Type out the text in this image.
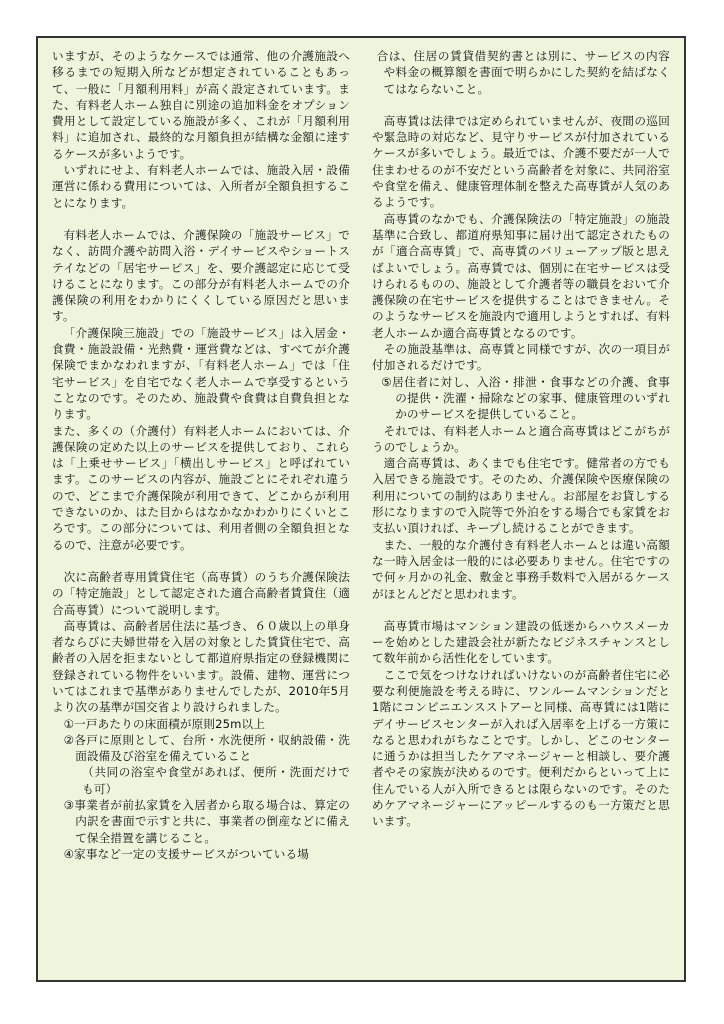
いますが、そのようなケースでは通常、他の介護施設へ移るまでの短期入所などが想定されていることもあって、一般に「月額利用料」が高く設定されています。また、有料老人ホーム独自に別途の追加料金をオプション費用として設定している施設が多く、これが「月額利用料」に追加され、最終的な月額負担が結構な金額に達するケースが多いようです。

いずれにせよ、有料老人ホームでは、施設入居・設備運営に係わる費用については、入所者が全額負担することになります。

有料老人ホームでは、介護保険の「施設サービス」でなく、訪問介護や訪問入浴・デイサービスやショートステイなどの「居宅サービス」を、要介護認定に応じて受けることになります。この部分が有料老人ホームでの介護保険の利用をわかりにくくしている原因だと思います。

「介護保険三施設」での「施設サービス」は入居金・食費・施設設備・光熱費・運営費などは、すべてが介護保険でまかなわれますが、「有料老人ホーム」では「住宅サービス」を自宅でなく老人ホームで享受するということなのです。そのため、施設費や食費は自費負担となります。

また、多くの（介護付）有料老人ホームにおいては、介護保険の定めた以上のサービスを提供しており、これらは「上乗せサービス」「横出しサービス」と呼ばれています。このサービスの内容が、施設ごとにそれぞれ違うので、どこまで介護保険が利用できて、どこからが利用できないのか、はた目からはなかなかわかりにくいところです。この部分については、利用者側の全額負担となるので、注意が必要です。

次に高齢者専用賃貸住宅（高専賃）のうち介護保険法の「特定施設」として認定された適合高齢者賃貸住（適合高専賃）について説明します。

高専賃は、高齢者居住法に基づき、６０歳以上の単身者ならびに夫婦世帯を入居の対象とした賃貸住宅で、高齢者の入居を拒まないとして都道府県指定の登録機関に登録されている物件をいいます。設備、建物、運営についてはこれまで基準がありませんでしたが、2010年5月より次の基準が国交省より設けられました。

①一戸あたりの床面積が原則25m以上

②各戸に原則として、台所・水洗便所・収納設備・洗面設備及び浴室を備えていること

（共同の浴室や食堂があれば、便所・洗面だけでも可）

③事業者が前払家賃を入居者から取る場合は、算定の内訳を書面で示すと共に、事業者の倒産などに備えて保全措置を講じること。

④家事など一定の支援サービスがついている場

合は、住居の賃貸借契約書とは別に、サービスの内容や料金の概算額を書面で明らかにした契約を結ばなくてはならないこと。

高専賃は法律では定められていませんが、夜間の巡回や緊急時の対応など、見守りサービスが付加されているケースが多いでしょう。最近では、介護不要だが一人で住まわせるのが不安だという高齢者を対象に、共同浴室や食堂を備え、健康管理体制を整えた高専賃が人気のあるようです。

高専賃のなかでも、介護保険法の「特定施設」の施設基準に合致し、都道府県知事に届け出て認定されたものが「適合高専賃」で、高専賃のバリューアップ版と思えばよいでしょう。高専賃では、個別に在宅サービスは受けられるものの、施設として介護者等の職員をおいて介護保険の在宅サービスを提供することはできません。そのようなサービスを施設内で適用しようとすれば、有料老人ホームか適合高専賃となるのです。

その施設基準は、高専賃と同様ですが、次の一項目が付加されるだけです。

⑤居住者に対し、入浴・排泄・食事などの介護、食事の提供・洗濯・掃除などの家事、健康管理のいずれかのサービスを提供していること。

それでは、有料老人ホームと適合高専賃はどこがちがうのでしょうか。

適合高専賃は、あくまでも住宅です。健常者の方でも入居できる施設です。そのため、介護保険や医療保険の利用についての制約はありません。お部屋をお貸しする形になりますので入院等で外泊をする場合でも家賃をお支払い頂ければ、キープし続けることができます。

また、一般的な介護付き有料老人ホームとは違い高額な一時入居金は一般的には必要ありません。住宅ですので何ヶ月かの礼金、敷金と事務手数料で入居がるケースがほとんどだと思われます。

高専賃市場はマンション建設の低迷からハウスメーカーを始めとした建設会社が新たなビジネスチャンスとして数年前から活性化をしています。

ここで気をつけなければいけないのが高齢者住宅に必要な利便施設を考える時に、ワンルームマンションだと1階にコンビニエンスストアーと同様、高専賃には1階にデイサービスセンターが入れば入居率を上げる一方策になると思われがちなことです。しかし、どこのセンターに通うかは担当したケアマネージャーと相談し、要介護者やその家族が決めるのです。便利だからといって上に住んでいる人が入所できるとは限らないのです。そのためケアマネージャーにアッピールするのも一方策だと思います。
